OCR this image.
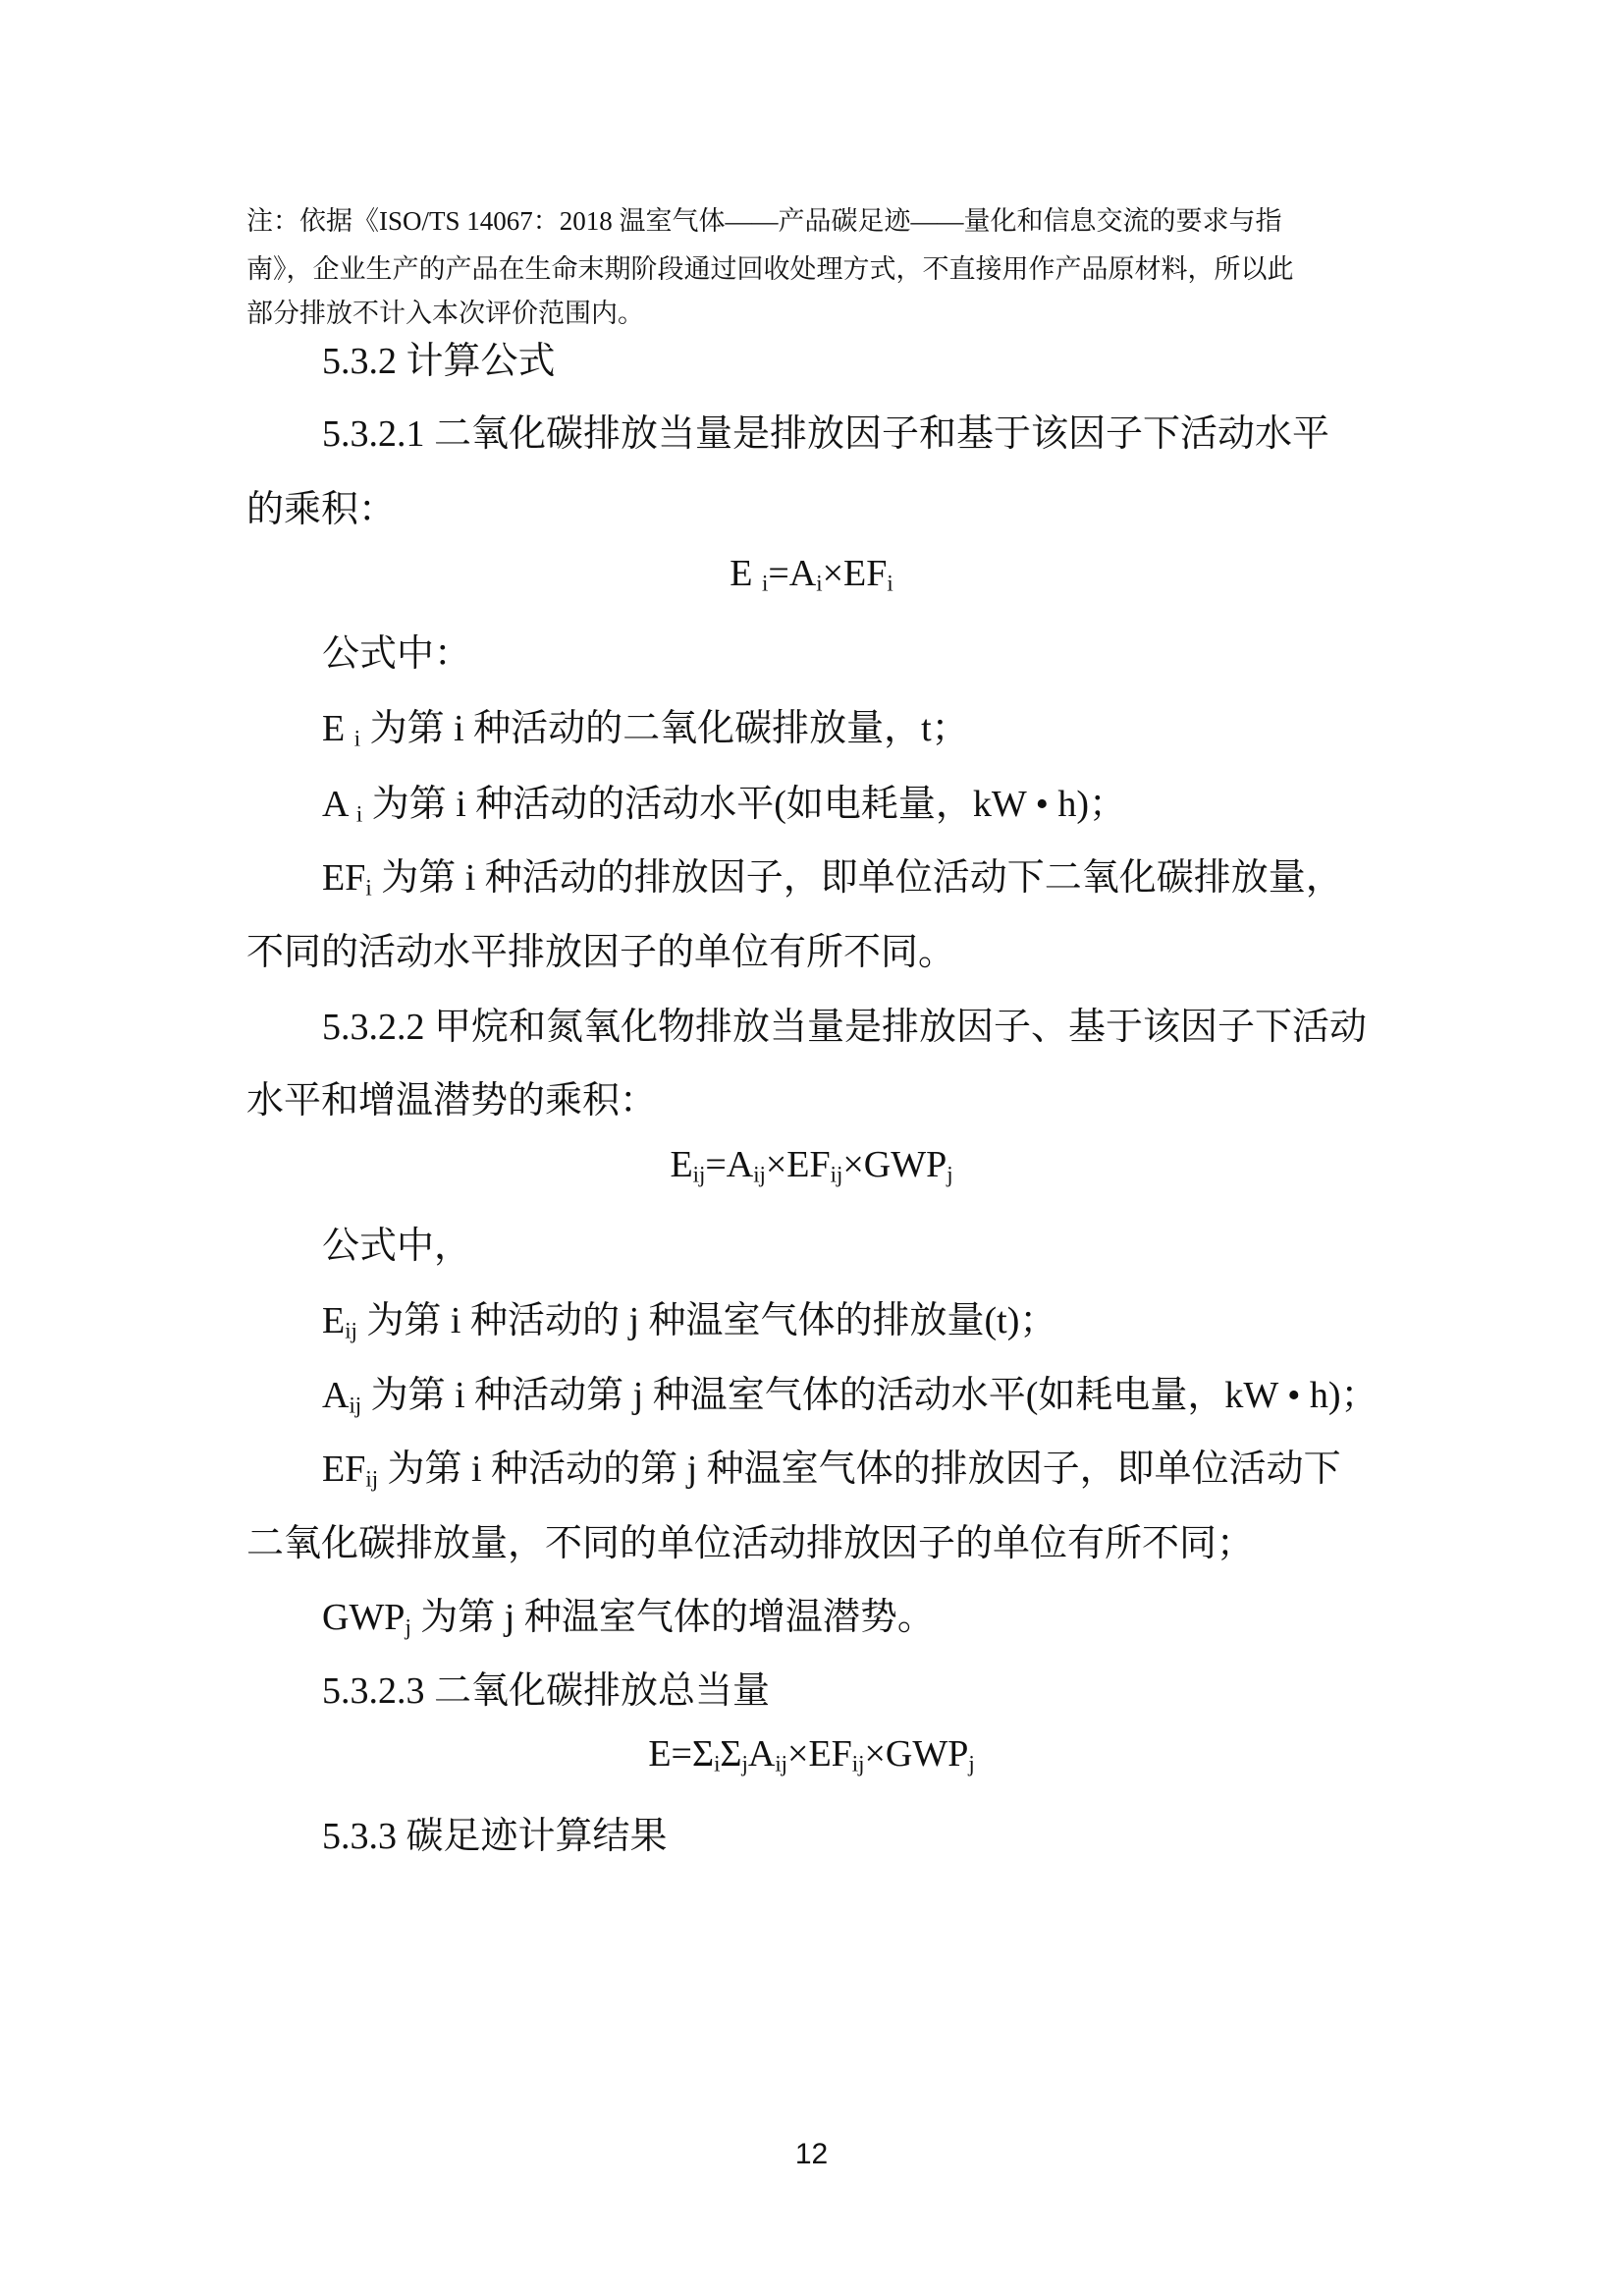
注：依据《ISO/TS 14067：2018 温室气体——产品碳足迹——量化和信息交流的要求与指
南》，企业生产的产品在生命末期阶段通过回收处理方式，不直接用作产品原材料，所以此
部分排放不计入本次评价范围内。
5.3.2 计算公式
5.3.2.1 二氧化碳排放当量是排放因子和基于该因子下活动水平
的乘积：
E $_i=A_i\times EF_i$
公式中：
E $_i$ 为第 i 种活动的二氧化碳排放量，t；
A $_i$ 为第 i 种活动的活动水平(如电耗量，kW • h)；
$EF_i$ 为第 i 种活动的排放因子，即单位活动下二氧化碳排放量，
不同的活动水平排放因子的单位有所不同。
5.3.2.2 甲烷和氮氧化物排放当量是排放因子、基于该因子下活动
水平和增温潜势的乘积：
$E_{ij}=A_{ij}\times EF_{ij}\times GWP_j$
公式中，
$E_{ij}$ 为第 i 种活动的 j 种温室气体的排放量(t)；
$A_{ij}$ 为第 i 种活动第 j 种温室气体的活动水平(如耗电量，kW • h)；
$EF_{ij}$ 为第 i 种活动的第 j 种温室气体的排放因子，即单位活动下
二氧化碳排放量，不同的单位活动排放因子的单位有所不同；
$GWP_j$ 为第 j 种温室气体的增温潜势。
5.3.2.3 二氧化碳排放总当量
$E=\Sigma_i\Sigma_jA_{ij}\times EF_{ij}\times GWP_j$
5.3.3 碳足迹计算结果
12
